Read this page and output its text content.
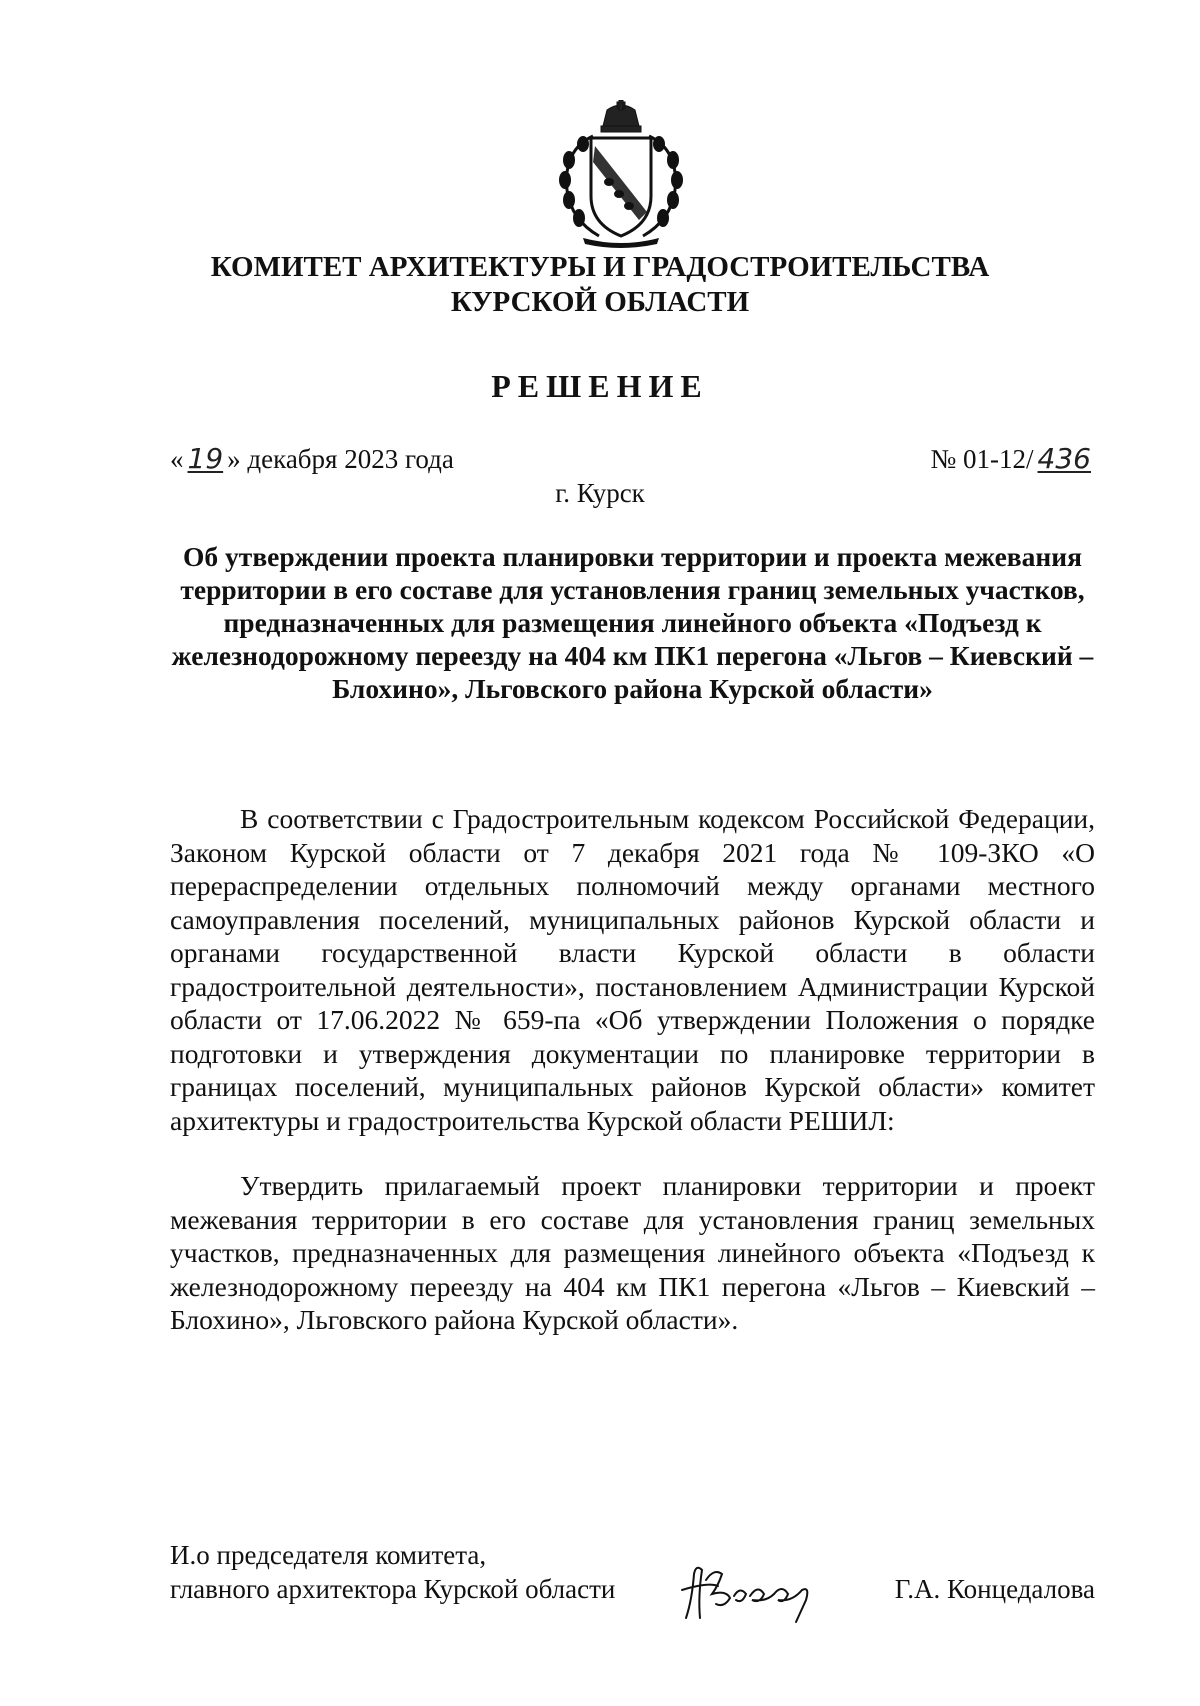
КОМИТЕТ АРХИТЕКТУРЫ И ГРАДОСТРОИТЕЛЬСТВА
КУРСКОЙ ОБЛАСТИ
РЕШЕНИЕ
« 19 » декабря 2023 года	№ 01-12/ 436
г. Курск
Об утверждении проекта планировки территории и проекта межевания территории в его составе для установления границ земельных участков, предназначенных для размещения линейного объекта «Подъезд к железнодорожному переезду на 404 км ПК1 перегона «Льгов – Киевский – Блохино», Льговского района Курской области»

В соответствии с Градостроительным кодексом Российской Федерации, Законом Курской области от 7 декабря 2021 года № 109-ЗКО «О перераспределении отдельных полномочий между органами местного самоуправления поселений, муниципальных районов Курской области и органами государственной власти Курской области в области градостроительной деятельности», постановлением Администрации Курской области от 17.06.2022 № 659-па «Об утверждении Положения о порядке подготовки и утверждения документации по планировке территории в границах поселений, муниципальных районов Курской области» комитет архитектуры и градостроительства Курской области РЕШИЛ:

Утвердить прилагаемый проект планировки территории и проект межевания территории в его составе для установления границ земельных участков, предназначенных для размещения линейного объекта «Подъезд к железнодорожному переезду на 404 км ПК1 перегона «Льгов – Киевский – Блохино», Льговского района Курской области».

И.о председателя комитета,
главного архитектора Курской области	Г.А. Концедалова
